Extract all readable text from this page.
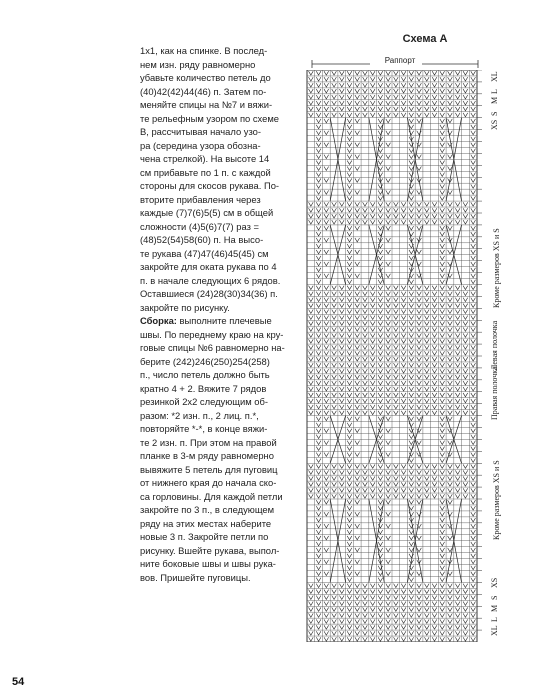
1x1, как на спинке. В послед-
нем изн. ряду равномерно
убавьте количество петель до
(40)42(42)44(46) п. Затем по-
меняйте спицы на №7 и вяжи-
те рельефным узором по схеме
B, рассчитывая начало узо-
ра (середина узора обозна-
чена стрелкой). На высоте 14
см прибавьте по 1 п. с каждой
стороны для скосов рукава. По-
вторите прибавления через
каждые (7)7(6)5(5) см в общей
сложности (4)5(6)7(7) раз =
(48)52(54)58(60) п. На высо-
те рукава (47)47(46)45(45) см
закройте для оката рукава по 4
п. в начале следующих 6 рядов.
Оставшиеся (24)28(30)34(36) п.
закройте по рисунку.

Сборка: выполните плечевые
швы. По переднему краю на кру-
говые спицы №6 равномерно на-
берите (242)246(250)254(258)
п., число петель должно быть
кратно 4 + 2. Вяжите 7 рядов
резинкой 2x2 следующим об-
разом: *2 изн. п., 2 лиц. п.*,
повторяйте *-*, в конце вяжи-
те 2 изн. п. При этом на правой
планке в 3-м ряду равномерно
вывяжите 5 петель для пуговиц
от нижнего края до начала ско-
са горловины. Для каждой петли
закройте по 3 п., в следующем
ряду на этих местах наберите
новые 3 п. Закройте петли по
рисунку. Вшейте рукава, выпол-
ните боковые швы и швы рука-
вов. Пришейте пуговицы.

54
Схема А
Раппорт
XL
L
M
S
XS
Кроме размеров XS и S
Левая полочка
Правая полочка
Кроме размеров XS и S
XS
S
M
L
XL
